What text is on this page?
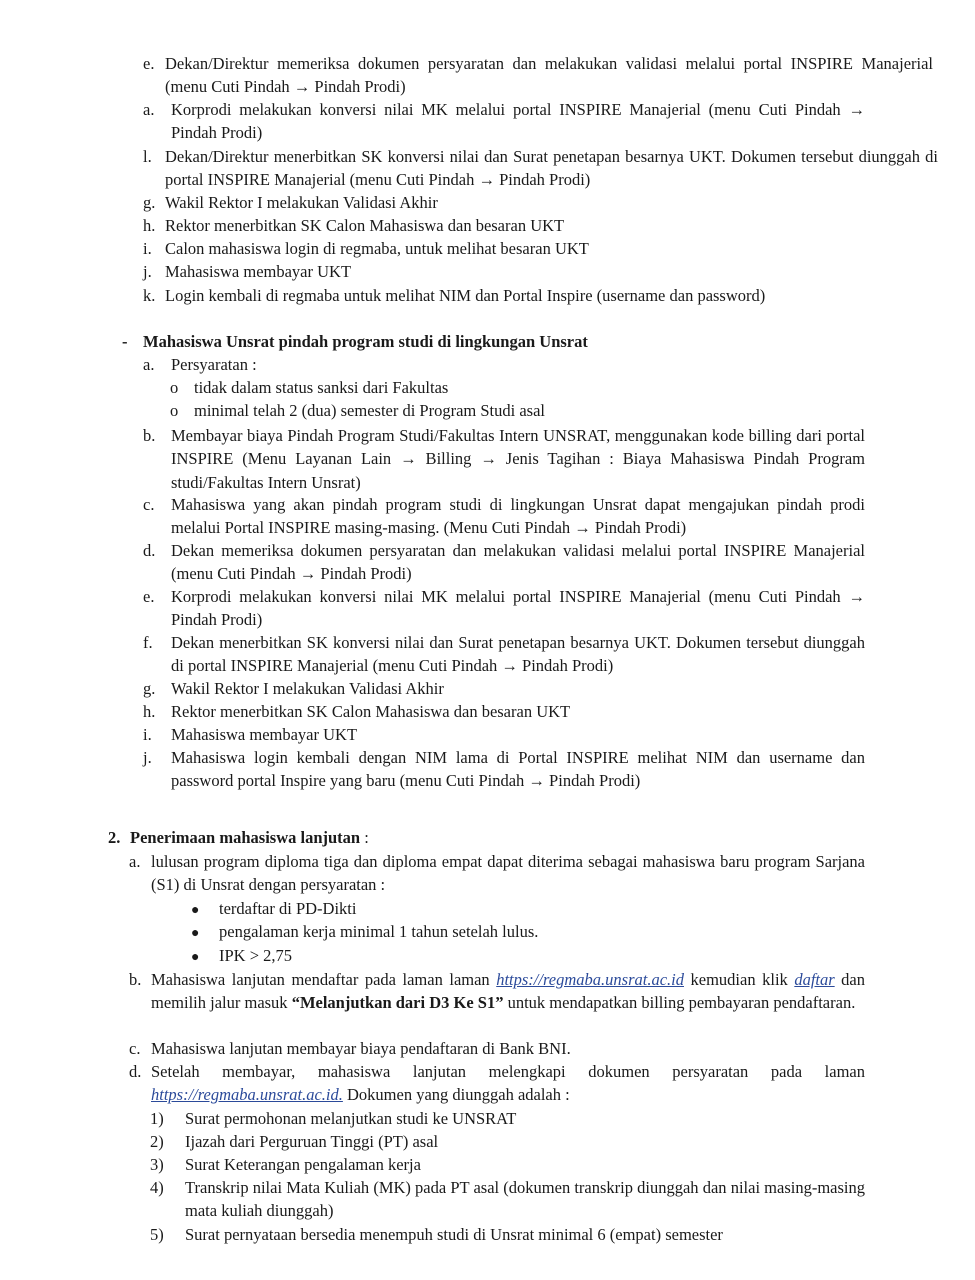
e. Dekan/Direktur memeriksa dokumen persyaratan dan melakukan validasi melalui portal INSPIRE Manajerial (menu Cuti Pindah → Pindah Prodi)
a.	Korprodi melakukan konversi nilai MK melalui portal INSPIRE Manajerial (menu Cuti Pindah → Pindah Prodi)
l. Dekan/Direktur menerbitkan SK konversi nilai dan Surat penetapan besarnya UKT. Dokumen tersebut diunggah di portal INSPIRE Manajerial (menu Cuti Pindah → Pindah Prodi)
g. Wakil Rektor I melakukan Validasi Akhir
h. Rektor menerbitkan SK Calon Mahasiswa dan besaran UKT
i. Calon mahasiswa login di regmaba, untuk melihat besaran UKT
j. Mahasiswa membayar UKT
k. Login kembali di regmaba untuk melihat NIM dan Portal Inspire (username dan password)
- Mahasiswa Unsrat pindah program studi di lingkungan Unsrat
a.	Persyaratan :
o tidak dalam status sanksi dari Fakultas
o minimal telah 2 (dua) semester di Program Studi asal
b. Membayar biaya Pindah Program Studi/Fakultas Intern UNSRAT, menggunakan kode billing dari portal INSPIRE (Menu Layanan Lain → Billing → Jenis Tagihan : Biaya Mahasiswa Pindah Program studi/Fakultas Intern Unsrat)
c.	Mahasiswa yang akan pindah program studi di lingkungan Unsrat dapat mengajukan pindah prodi melalui Portal INSPIRE masing-masing. (Menu Cuti Pindah → Pindah Prodi)
d. Dekan memeriksa dokumen persyaratan dan melakukan validasi melalui portal INSPIRE Manajerial (menu Cuti Pindah → Pindah Prodi)
e.	Korprodi melakukan konversi nilai MK melalui portal INSPIRE Manajerial (menu Cuti Pindah → Pindah Prodi)
f.	Dekan menerbitkan SK konversi nilai dan Surat penetapan besarnya UKT. Dokumen tersebut diunggah di portal INSPIRE Manajerial (menu Cuti Pindah → Pindah Prodi)
g. Wakil Rektor I melakukan Validasi Akhir
h. Rektor menerbitkan SK Calon Mahasiswa dan besaran UKT
i.	Mahasiswa membayar UKT
j.	Mahasiswa login kembali dengan NIM lama di Portal INSPIRE melihat NIM dan username dan password portal Inspire yang baru (menu Cuti Pindah → Pindah Prodi)
2. Penerimaan mahasiswa lanjutan :
a. lulusan program diploma tiga dan diploma empat dapat diterima sebagai mahasiswa baru program Sarjana (S1) di Unsrat dengan persyaratan :
● terdaftar di PD-Dikti
● pengalaman kerja minimal 1 tahun setelah lulus.
● IPK > 2,75
b. Mahasiswa lanjutan mendaftar pada laman laman https://regmaba.unsrat.ac.id kemudian klik daftar dan memilih jalur masuk “Melanjutkan dari D3 Ke S1” untuk mendapatkan billing pembayaran pendaftaran.
c. Mahasiswa lanjutan membayar biaya pendaftaran di Bank BNI.
d. Setelah membayar, mahasiswa lanjutan melengkapi dokumen persyaratan pada laman https://regmaba.unsrat.ac.id. Dokumen yang diunggah adalah :
1)	Surat permohonan melanjutkan studi ke UNSRAT
2)	Ijazah dari Perguruan Tinggi (PT) asal
3)	Surat Keterangan pengalaman kerja
4)	Transkrip nilai Mata Kuliah (MK) pada PT asal (dokumen transkrip diunggah dan nilai masing-masing mata kuliah diunggah)
5)	Surat pernyataan bersedia menempuh studi di Unsrat minimal 6 (empat) semester
